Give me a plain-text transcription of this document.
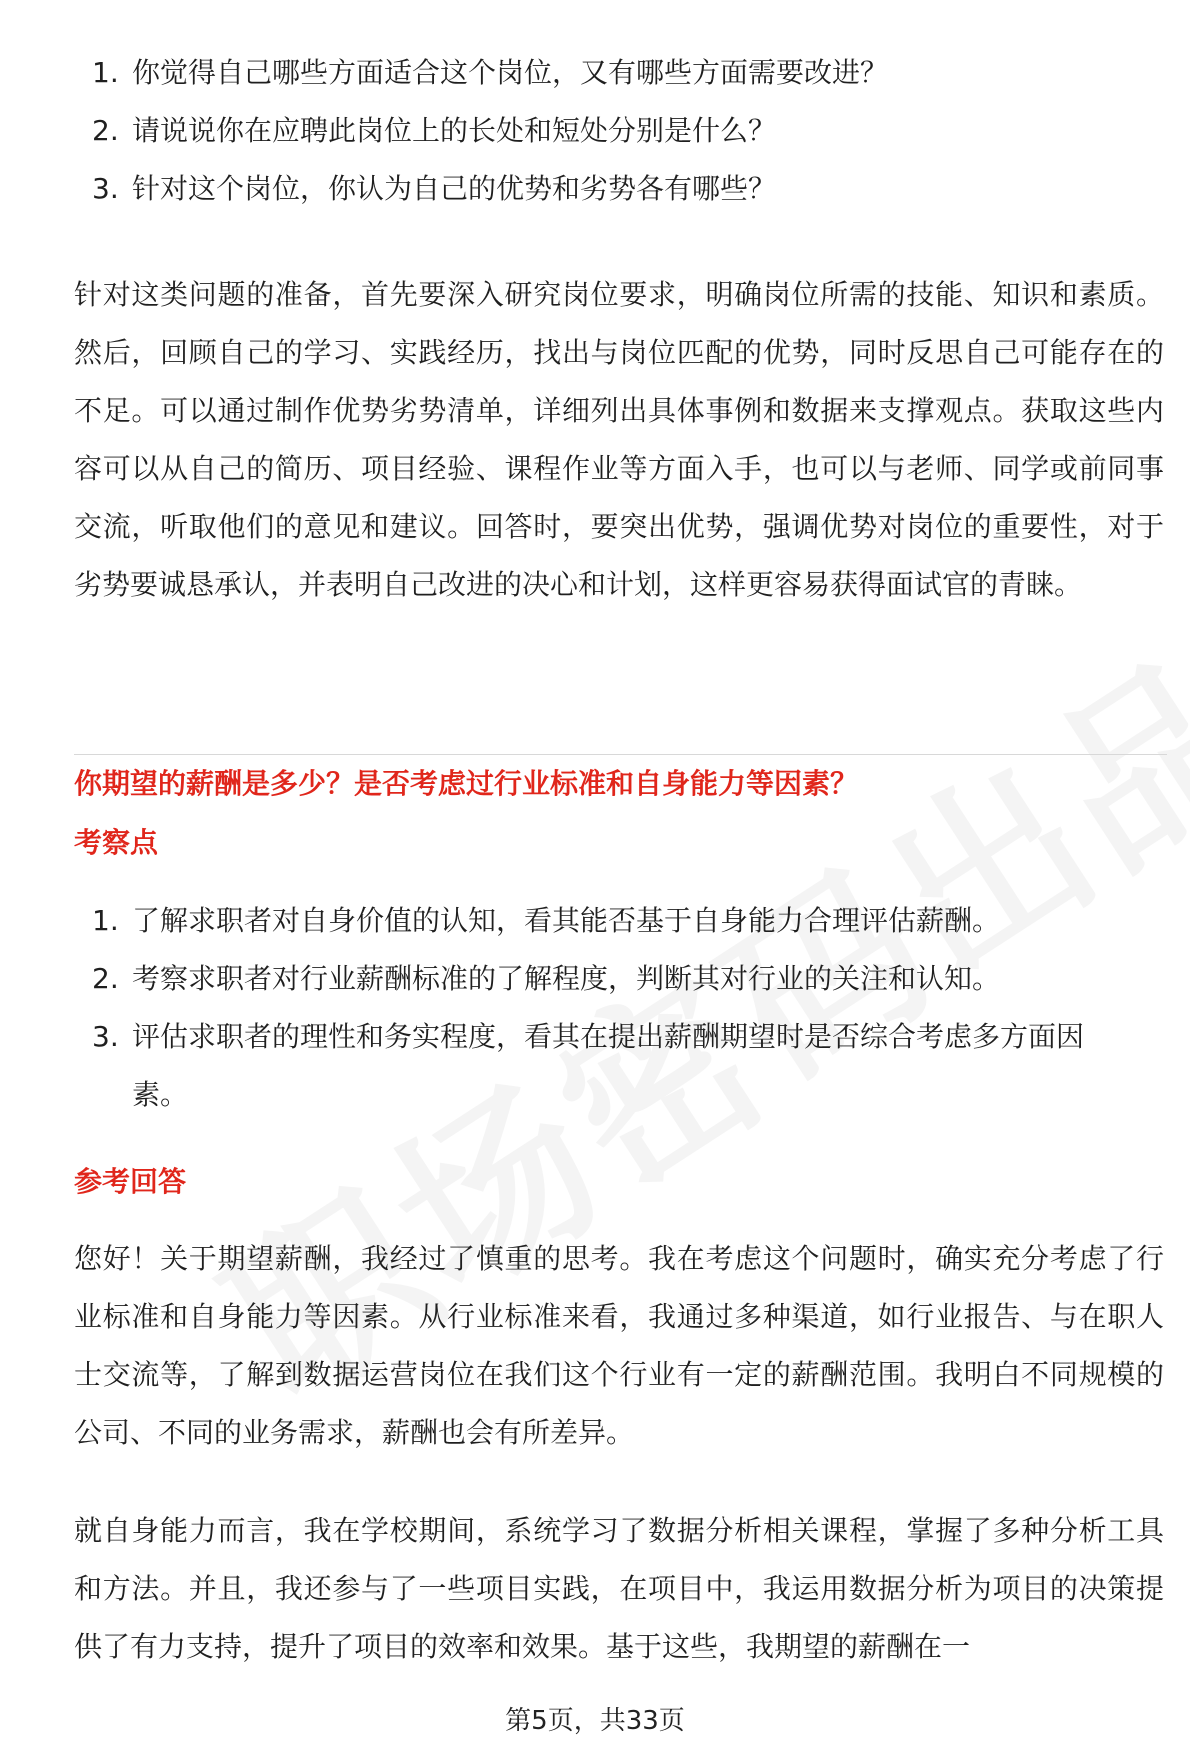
1. 你觉得自己哪些方面适合这个岗位，又有哪些方面需要改进？
2. 请说说你在应聘此岗位上的长处和短处分别是什么？
3. 针对这个岗位，你认为自己的优势和劣势各有哪些？

针对这类问题的准备，首先要深入研究岗位要求，明确岗位所需的技能、知识和素质。然后，回顾自己的学习、实践经历，找出与岗位匹配的优势，同时反思自己可能存在的不足。可以通过制作优势劣势清单，详细列出具体事例和数据来支撑观点。获取这些内容可以从自己的简历、项目经验、课程作业等方面入手，也可以与老师、同学或前同事交流，听取他们的意见和建议。回答时，要突出优势，强调优势对岗位的重要性，对于劣势要诚恳承认，并表明自己改进的决心和计划，这样更容易获得面试官的青睐。

你期望的薪酬是多少？是否考虑过行业标准和自身能力等因素？
考察点
1. 了解求职者对自身价值的认知，看其能否基于自身能力合理评估薪酬。
2. 考察求职者对行业薪酬标准的了解程度，判断其对行业的关注和认知。
3. 评估求职者的理性和务实程度，看其在提出薪酬期望时是否综合考虑多方面因素。
参考回答

您好！关于期望薪酬，我经过了慎重的思考。我在考虑这个问题时，确实充分考虑了行业标准和自身能力等因素。从行业标准来看，我通过多种渠道，如行业报告、与在职人士交流等，了解到数据运营岗位在我们这个行业有一定的薪酬范围。我明白不同规模的公司、不同的业务需求，薪酬也会有所差异。

就自身能力而言，我在学校期间，系统学习了数据分析相关课程，掌握了多种分析工具和方法。并且，我还参与了一些项目实践，在项目中，我运用数据分析为项目的决策提供了有力支持，提升了项目的效率和效果。基于这些，我期望的薪酬在一

第5页，共33页
